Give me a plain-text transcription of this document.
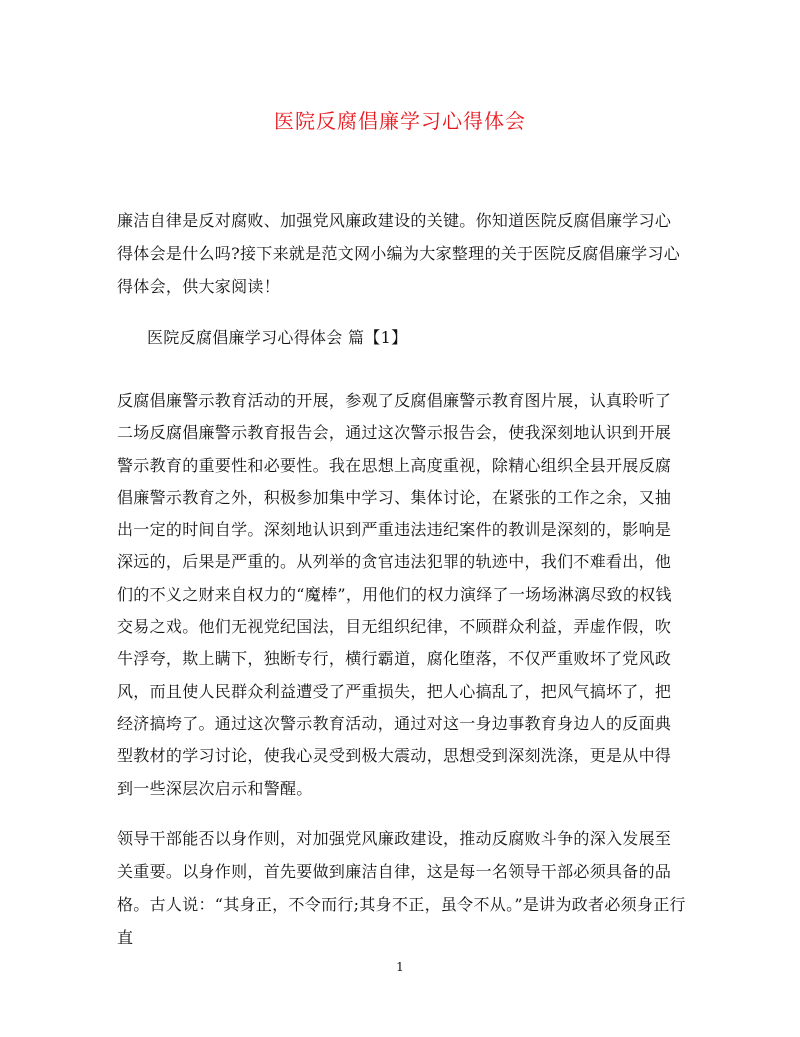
医院反腐倡廉学习心得体会

廉洁自律是反对腐败、加强党风廉政建设的关键。你知道医院反腐倡廉学习心得体会是什么吗?接下来就是范文网小编为大家整理的关于医院反腐倡廉学习心得体会，供大家阅读！

医院反腐倡廉学习心得体会 篇【1】

反腐倡廉警示教育活动的开展，参观了反腐倡廉警示教育图片展，认真聆听了二场反腐倡廉警示教育报告会，通过这次警示报告会，使我深刻地认识到开展警示教育的重要性和必要性。我在思想上高度重视，除精心组织全县开展反腐倡廉警示教育之外，积极参加集中学习、集体讨论，在紧张的工作之余，又抽出一定的时间自学。深刻地认识到严重违法违纪案件的教训是深刻的，影响是深远的，后果是严重的。从列举的贪官违法犯罪的轨迹中，我们不难看出，他们的不义之财来自权力的“魔棒”，用他们的权力演绎了一场场淋漓尽致的权钱交易之戏。他们无视党纪国法，目无组织纪律，不顾群众利益，弄虚作假，吹牛浮夸，欺上瞒下，独断专行，横行霸道，腐化堕落，不仅严重败坏了党风政风，而且使人民群众利益遭受了严重损失，把人心搞乱了，把风气搞坏了，把经济搞垮了。通过这次警示教育活动，通过对这一身边事教育身边人的反面典型教材的学习讨论，使我心灵受到极大震动，思想受到深刻洗涤，更是从中得到一些深层次启示和警醒。

领导干部能否以身作则，对加强党风廉政建设，推动反腐败斗争的深入发展至关重要。以身作则，首先要做到廉洁自律，这是每一名领导干部必须具备的品格。古人说：“其身正，不令而行;其身不正，虽令不从。”是讲为政者必须身正行直

1
